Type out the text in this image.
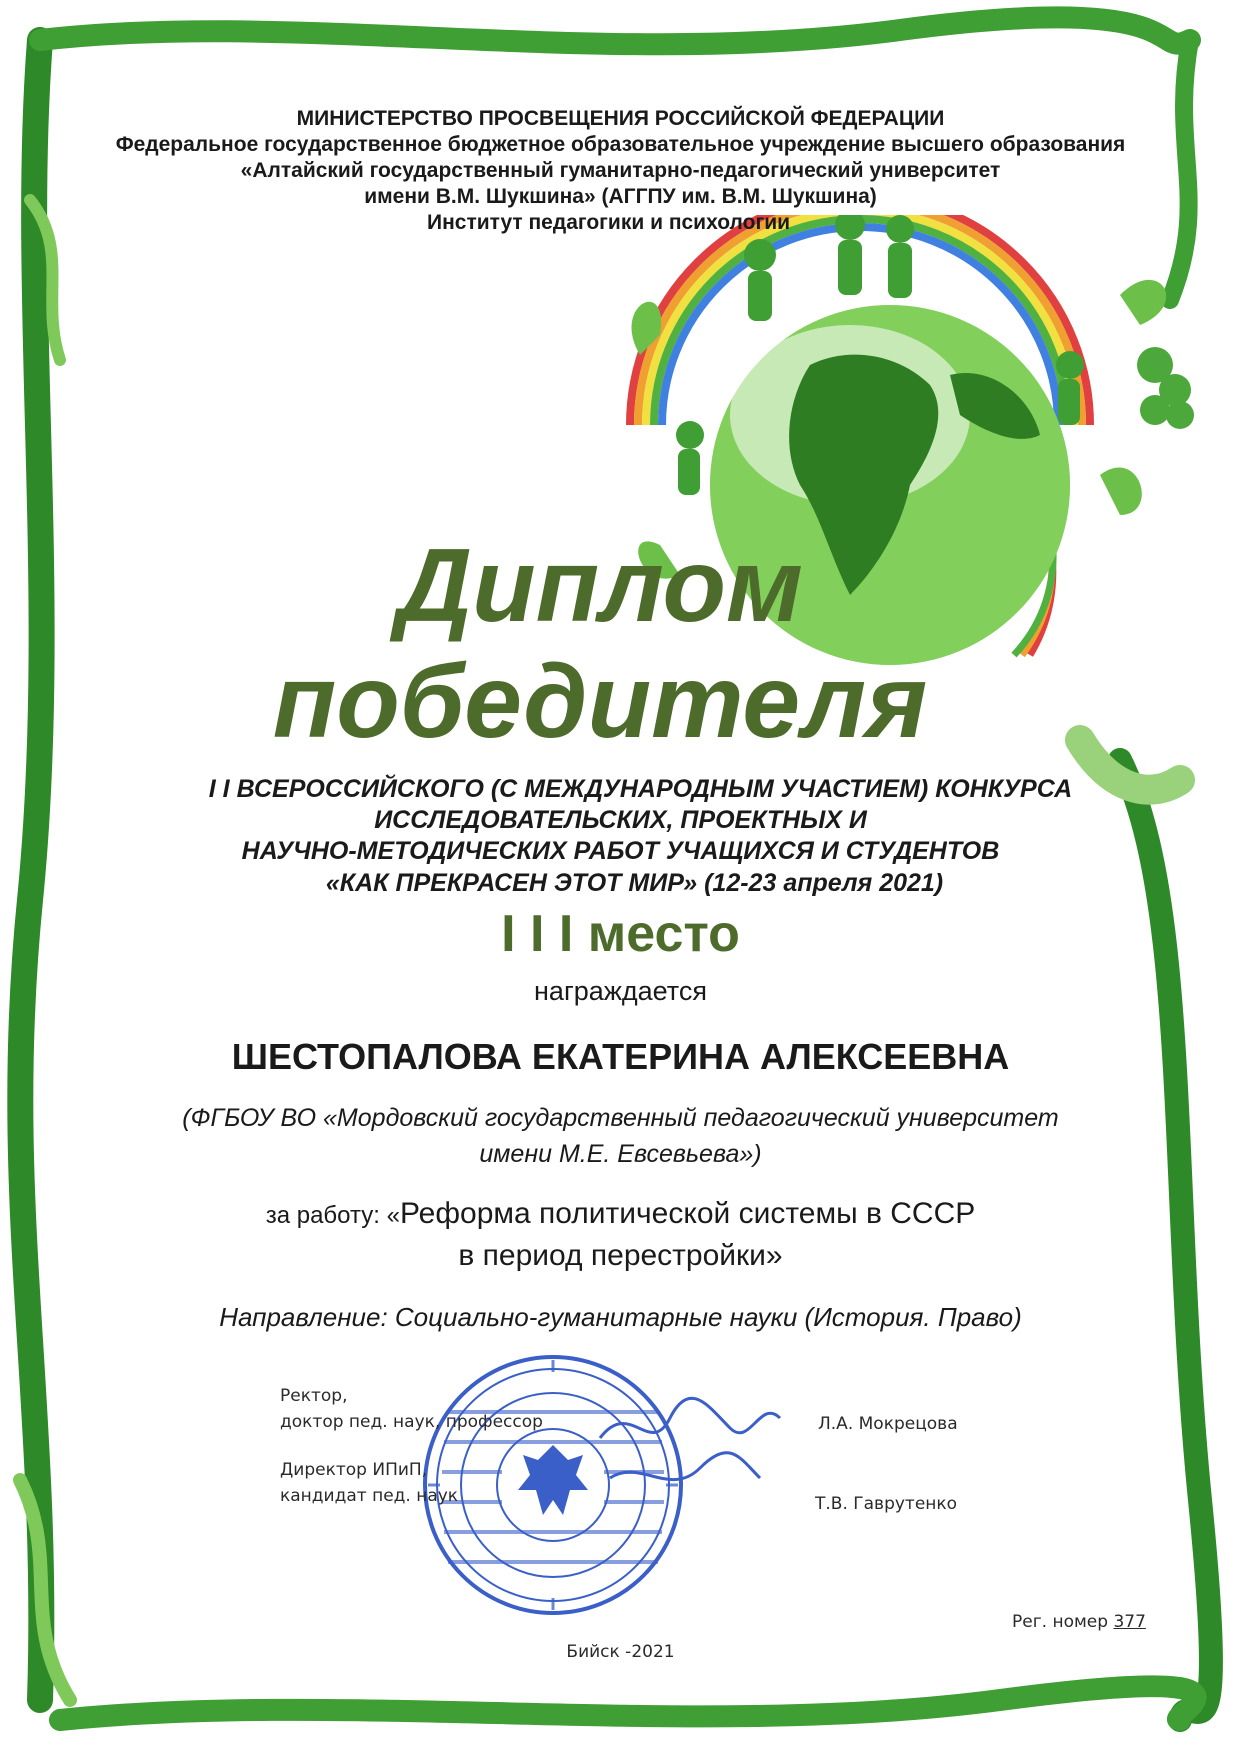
МИНИСТЕРСТВО ПРОСВЕЩЕНИЯ РОССИЙСКОЙ ФЕДЕРАЦИИ
Федеральное государственное бюджетное образовательное учреждение высшего образования
«Алтайский государственный гуманитарно-педагогический университет
имени В.М. Шукшина» (АГГПУ им. В.М. Шукшина)
Институт педагогики и психологии
Диплом
победителя
I I ВСЕРОССИЙСКОГО (С МЕЖДУНАРОДНЫМ УЧАСТИЕМ) КОНКУРСА
ИССЛЕДОВАТЕЛЬСКИХ, ПРОЕКТНЫХ И
НАУЧНО-МЕТОДИЧЕСКИХ РАБОТ УЧАЩИХСЯ И СТУДЕНТОВ
«КАК ПРЕКРАСЕН ЭТОТ МИР» (12-23 апреля 2021)
I I I место
награждается
ШЕСТОПАЛОВА ЕКАТЕРИНА АЛЕКСЕЕВНА
(ФГБОУ ВО «Мордовский государственный педагогический университет
имени М.Е. Евсевьева»)
за работу: «Реформа политической системы в СССР
в период перестройки»
Направление: Социально-гуманитарные науки (История. Право)
Ректор,
доктор пед. наук, профессор	Л.А. Мокрецова
Директор ИПиП,
кандидат пед. наук	Т.В. Гаврутенко
Рег. номер 377
Бийск -2021
